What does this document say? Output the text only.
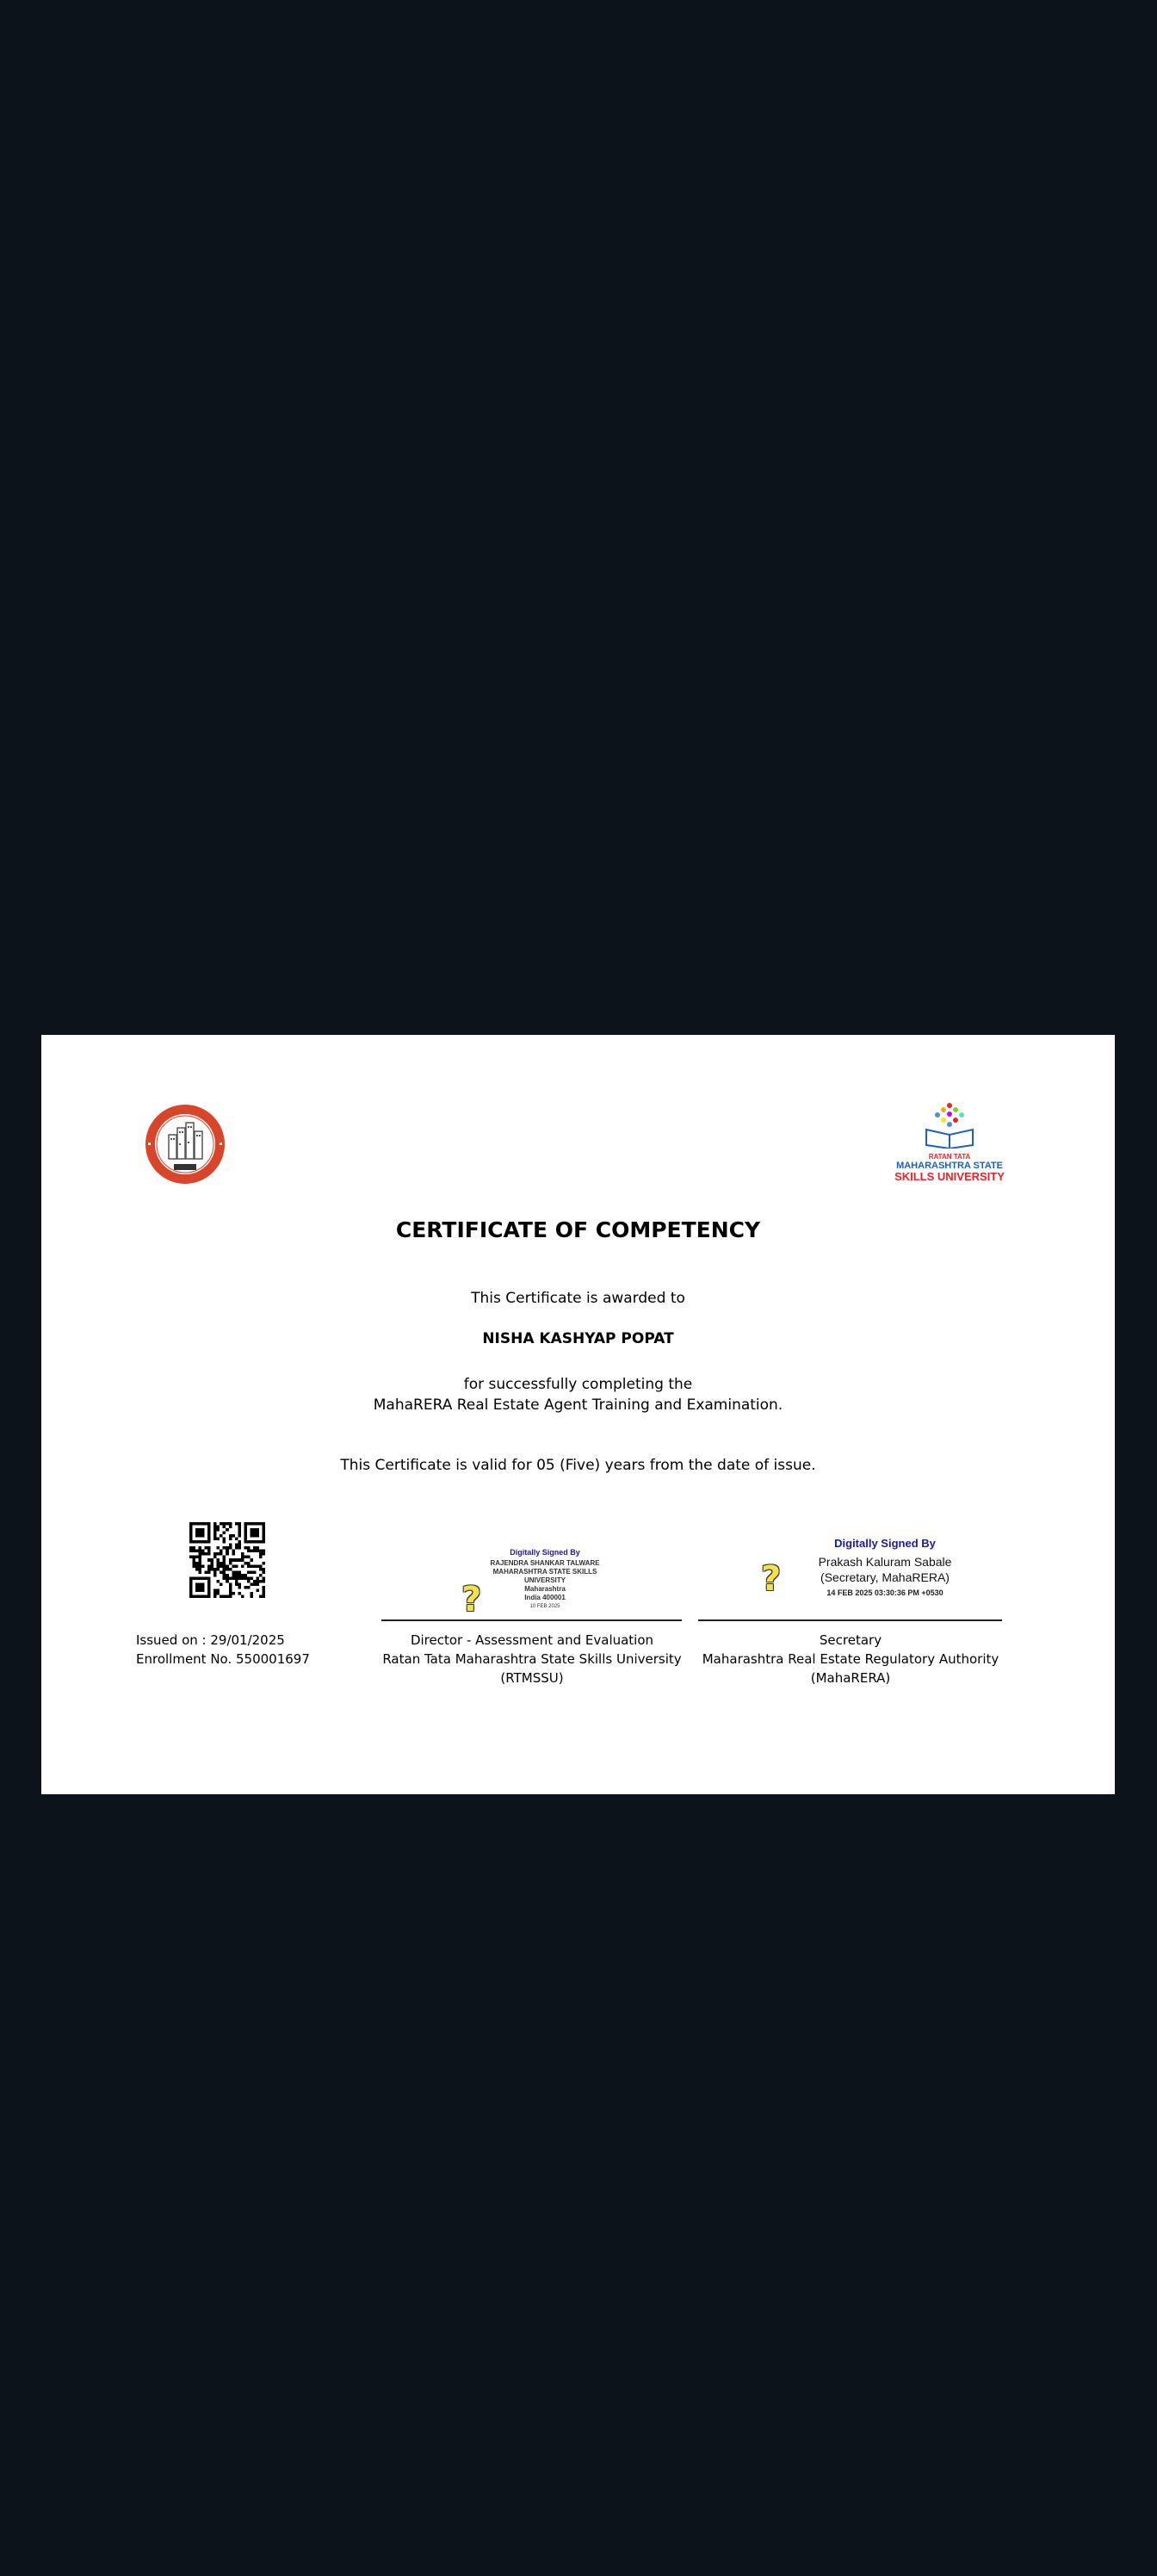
RATAN TATA
MAHARASHTRA STATE
SKILLS UNIVERSITY
CERTIFICATE OF COMPETENCY
This Certificate is awarded to
NISHA KASHYAP POPAT
for successfully completing the
MahaRERA Real Estate Agent Training and Examination.
This Certificate is valid for 05 (Five) years from the date of issue.
Issued on : 29/01/2025
Enrollment No. 550001697
Digitally Signed By
RAJENDRA SHANKAR TALWARE
MAHARASHTRA STATE SKILLS
UNIVERSITY
Maharashtra
India 400001
10 FEB 2025
?
Director - Assessment and Evaluation
Ratan Tata Maharashtra State Skills University
(RTMSSU)
Digitally Signed By
Prakash Kaluram Sabale
(Secretary, MahaRERA)
14 FEB 2025 03:30:36 PM +0530
?
Secretary
Maharashtra Real Estate Regulatory Authority
(MahaRERA)
